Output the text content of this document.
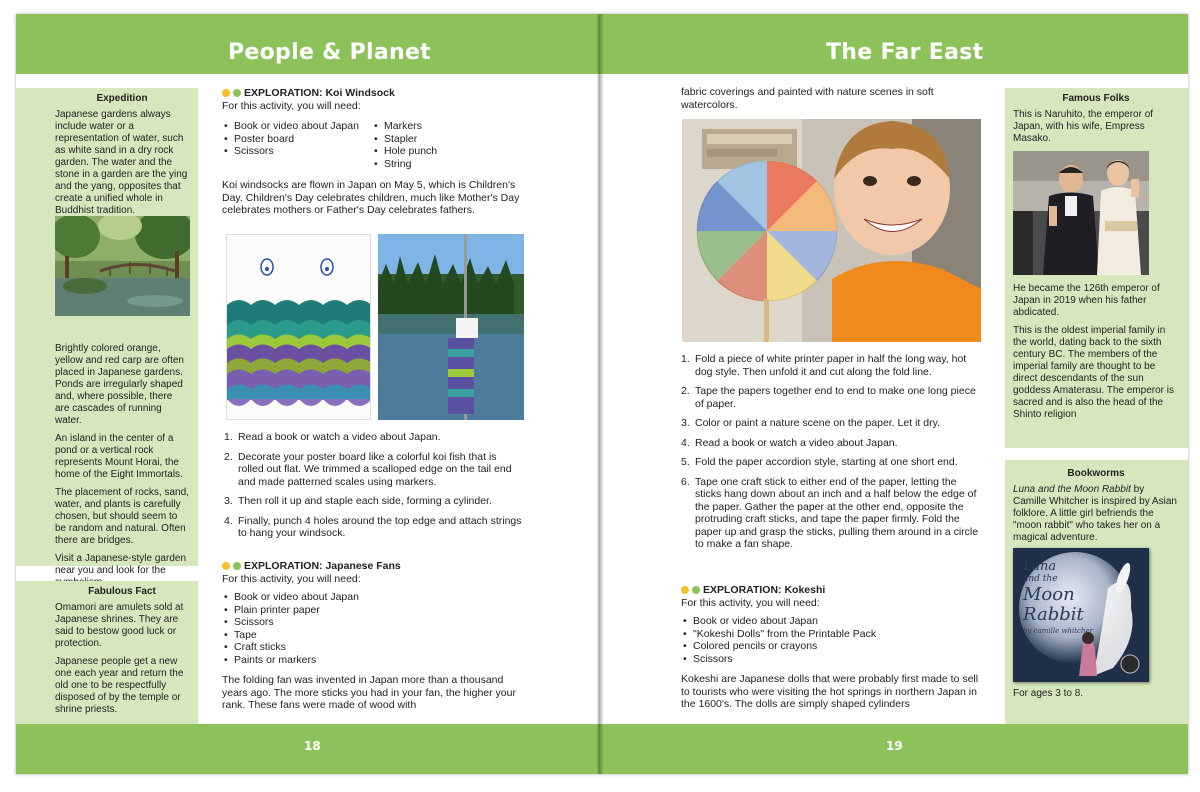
People & Planet
Expedition

Japanese gardens always include water or a representation of water, such as white sand in a dry rock garden. The water and the stone in a garden are the ying and the yang, opposites that create a unified whole in Buddhist tradition.

Brightly colored orange, yellow and red carp are often placed in Japanese gardens. Ponds are irregularly shaped and, where possible, there are cascades of running water.

An island in the center of a pond or a vertical rock represents Mount Horai, the home of the Eight Immortals.

The placement of rocks, sand, water, and plants is carefully chosen, but should seem to be random and natural. Often there are bridges.

Visit a Japanese-style garden near you and look for the

Fabulous Fact

Omamori are amulets sold at Japanese shrines. They are said to bestow good luck or protection.

Japanese people get a new one each year and return the old one to be respectfully disposed of by the temple or shrine priests.

EXPLORATION: Koi Windsock
For this activity, you will need:
• Book or video about Japan
• Poster board
• Scissors
• Markers
• Stapler
• Hole punch
• String

Koi windsocks are flown in Japan on May 5, which is Children's Day. Children's Day celebrates children, much like Mother's Day celebrates mothers or Father's Day celebrates fathers.

1. Read a book or watch a video about Japan.
2. Decorate your poster board like a colorful koi fish that is rolled out flat. We trimmed a scalloped edge on the tail end and made patterned scales using markers.
3. Then roll it up and staple each side, forming a cylinder.
4. Finally, punch 4 holes around the top edge and attach strings to hang your windsock.
EXPLORATION: Japanese Fans
For this activity, you will need:
• Book or video about Japan
• Plain printer paper
• Scissors
• Tape
• Craft sticks
• Paints or markers

The folding fan was invented in Japan more than a thousand years ago. The more sticks you had in your fan, the higher your rank. These fans were made of wood with

18
The Far East

fabric coverings and painted with nature scenes in soft watercolors.

1. Fold a piece of white printer paper in half the long way, hot dog style. Then unfold it and cut along the fold line.
2. Tape the papers together end to end to make one long piece of paper.
3. Color or paint a nature scene on the paper. Let it dry.
4. Read a book or watch a video about Japan.
5. Fold the paper accordion style, starting at one short end.
6. Tape one craft stick to either end of the paper, letting the sticks hang down about an inch and a half below the edge of the paper. Gather the paper at the other end, opposite the protruding craft sticks, and tape the paper firmly. Fold the paper up and grasp the sticks, pulling them around in a circle to make a fan shape.
EXPLORATION: Kokeshi
For this activity, you will need:
• Book or video about Japan
• "Kokeshi Dolls" from the Printable Pack
• Colored pencils or crayons
• Scissors

Kokeshi are Japanese dolls that were probably first made to sell to tourists who were visiting the hot springs in northern Japan in the 1600's. The dolls are simply shaped cylinders

Famous Folks

This is Naruhito, the emperor of Japan, with his wife, Empress Masako.

He became the 126th emperor of Japan in 2019 when his father abdicated.

This is the oldest imperial family in the world, dating back to the sixth century BC. The members of the imperial family are thought to be direct descendants of the sun goddess Amaterasu. The emperor is sacred and is also the head of the Shinto religion

Bookworms
Luna and the Moon Rabbit by Camille Whitcher is inspired by Asian folklore. A little girl befriends the "moon rabbit" who takes her on a magical adventure.
Luna
and the
Moon
Rabbit
by camille whitcher
For ages 3 to 8.
19
